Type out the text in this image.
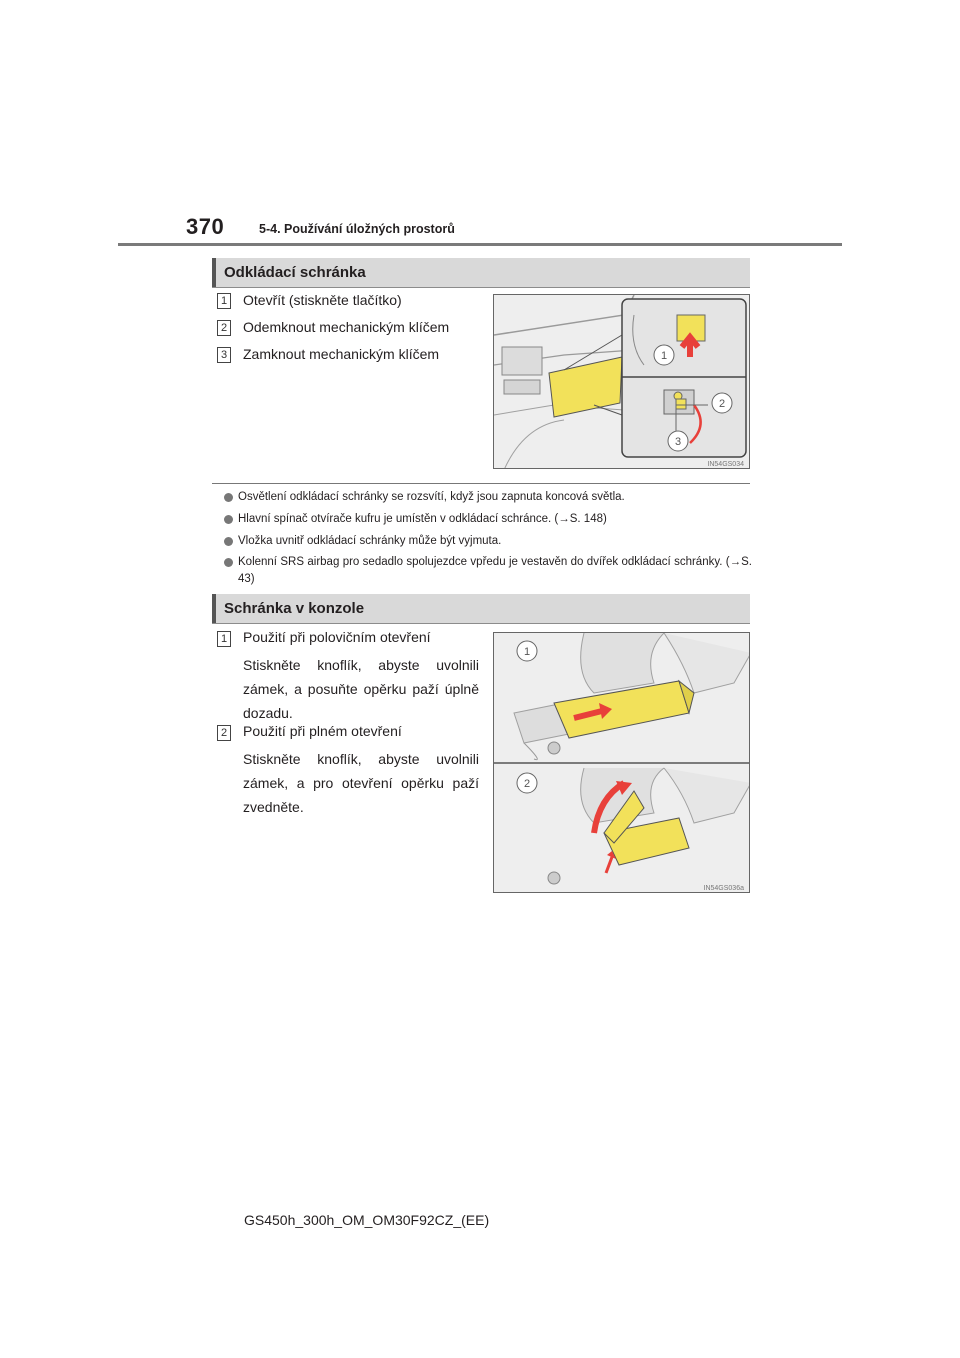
370	5-4. Používání úložných prostorů
Odkládací schránka
1 Otevřít (stiskněte tlačítko)
2 Odemknout mechanickým klíčem
3 Zamknout mechanickým klíčem	1
2
3
IN54GS034
Osvětlení odkládací schránky se rozsvítí, když jsou zapnuta koncová světla.
Hlavní spínač otvírače kufru je umístěn v odkládací schránce. (→S. 148)
Vložka uvnitř odkládací schránky může být vyjmuta.
Kolenní SRS airbag pro sedadlo spolujezdce vpředu je vestavěn do dvířek odkládací schránky. (→S. 43)
Schránka v konzole
1 Použití při polovičním otevření
Stiskněte knoflík, abyste uvolnili zámek, a posuňte opěrku paží úplně dozadu.
2 Použití při plném otevření
Stiskněte knoflík, abyste uvolnili zámek, a pro otevření opěrku paží zvedněte.
1
2
IN54GS036a
GS450h_300h_OM_OM30F92CZ_(EE)
